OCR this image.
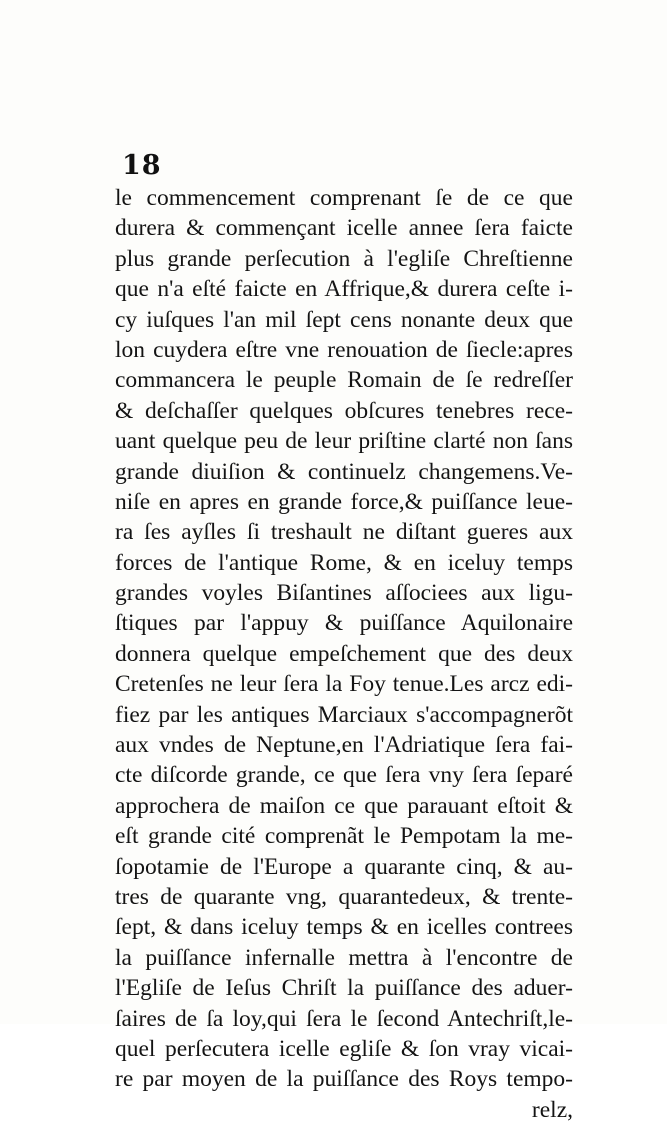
18
le commencement comprenant ſe de ce que
durera & commençant icelle annee ſera faicte
plus grande perſecution à l'egliſe Chreſtienne
que n'a eſté faicte en Affrique,& durera ceſte i-
cy iuſques l'an mil ſept cens nonante deux que
lon cuydera eſtre vne renouation de ſiecle:apres
commancera le peuple Romain de ſe redreſſer
& deſchaſſer quelques obſcures tenebres rece-
uant quelque peu de leur priſtine clarté non ſans
grande diuiſion & continuelz changemens.Ve-
niſe en apres en grande force,& puiſſance leue-
ra ſes ayſles ſi treshault ne diſtant gueres aux
forces de l'antique Rome, & en iceluy temps
grandes voyles Biſantines aſſociees aux ligu-
ſtiques par l'appuy & puiſſance Aquilonaire
donnera quelque empeſchement que des deux
Cretenſes ne leur ſera la Foy tenue.Les arcz edi-
fiez par les antiques Marciaux s'accompagnerõt
aux vndes de Neptune,en l'Adriatique ſera fai-
cte diſcorde grande, ce que ſera vny ſera ſeparé
approchera de maiſon ce que parauant eſtoit &
eſt grande cité comprenãt le Pempotam la me-
ſopotamie de l'Europe a quarante cinq, & au-
tres de quarante vng, quarantedeux, & trente-
ſept, & dans iceluy temps & en icelles contrees
la puiſſance infernalle mettra à l'encontre de
l'Egliſe de Ieſus Chriſt la puiſſance des aduer-
ſaires de ſa loy,qui ſera le ſecond Antechriſt,le-
quel perſecutera icelle egliſe & ſon vray vicai-
re par moyen de la puiſſance des Roys tempo-
relz,
